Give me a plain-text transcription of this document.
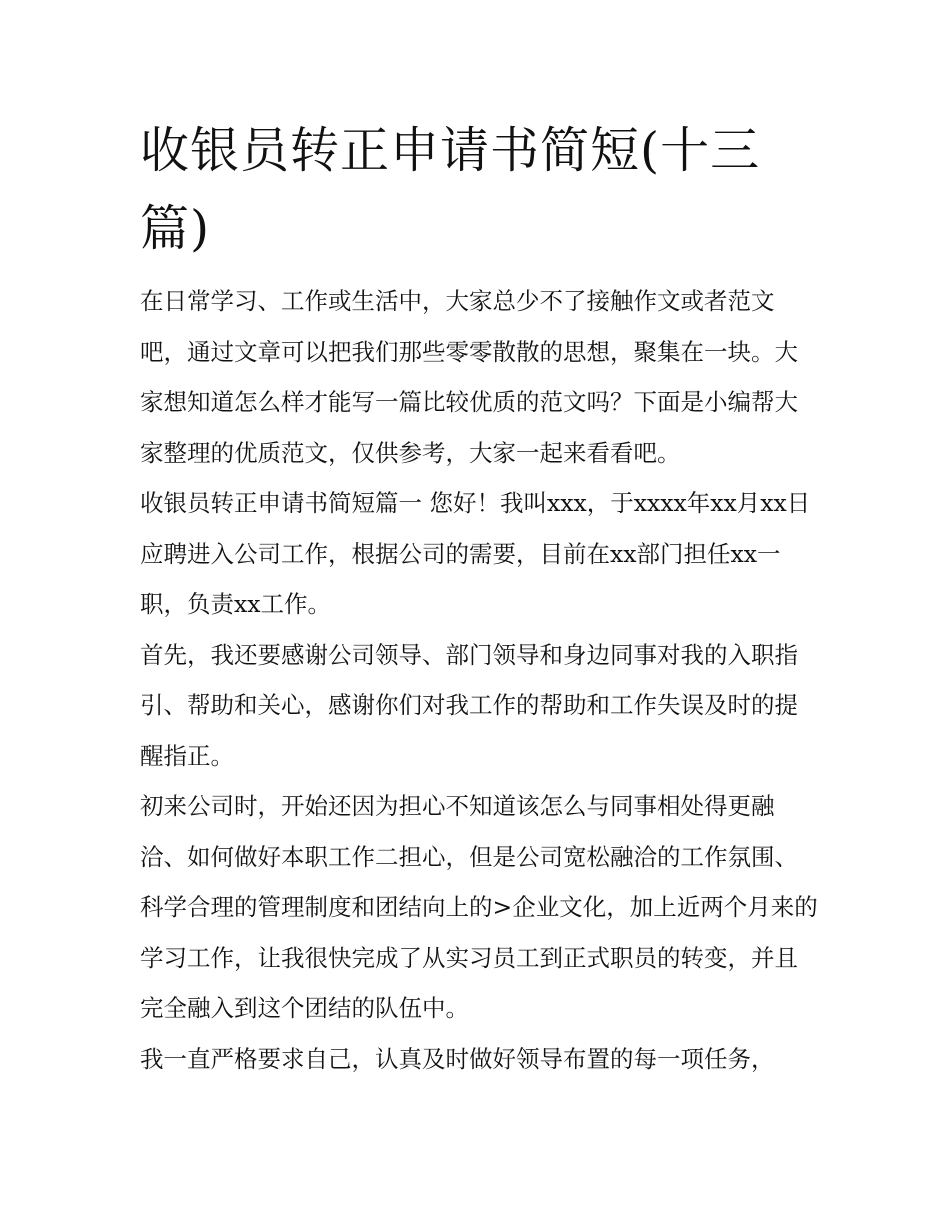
收银员转正申请书简短(十三篇)

在日常学习、工作或生活中，大家总少不了接触作文或者范文吧，通过文章可以把我们那些零零散散的思想，聚集在一块。大家想知道怎么样才能写一篇比较优质的范文吗？下面是小编帮大家整理的优质范文，仅供参考，大家一起来看看吧。

收银员转正申请书简短篇一 您好！我叫xxx，于xxxx年xx月xx日应聘进入公司工作，根据公司的需要，目前在xx部门担任xx一职，负责xx工作。

首先，我还要感谢公司领导、部门领导和身边同事对我的入职指引、帮助和关心，感谢你们对我工作的帮助和工作失误及时的提醒指正。

初来公司时，开始还因为担心不知道该怎么与同事相处得更融洽、如何做好本职工作二担心，但是公司宽松融洽的工作氛围、科学合理的管理制度和团结向上的>企业文化，加上近两个月来的学习工作，让我很快完成了从实习员工到正式职员的转变，并且完全融入到这个团结的队伍中。

我一直严格要求自己，认真及时做好领导布置的每一项任务，
